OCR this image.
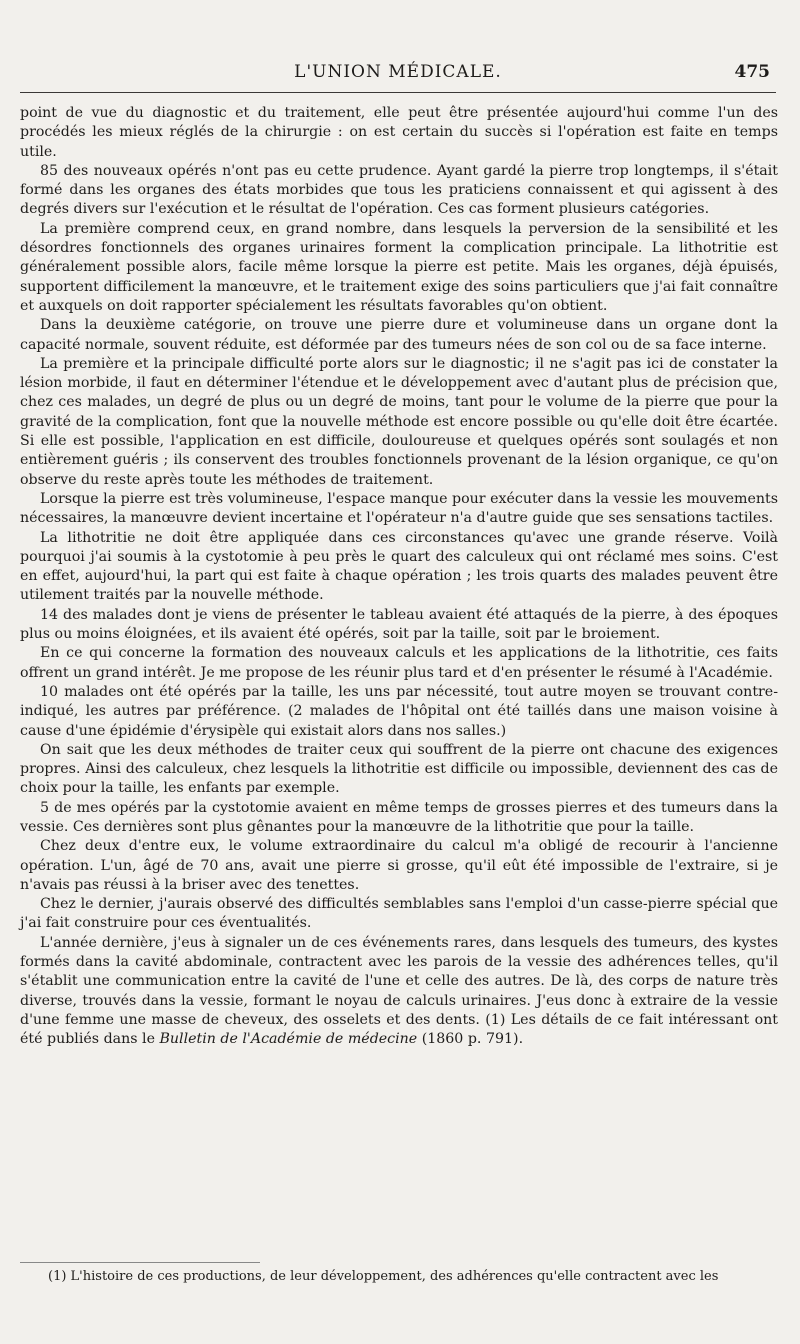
L'UNION MÉDICALE.	475

point de vue du diagnostic et du traitement, elle peut être présentée aujourd'hui comme l'un des procédés les mieux réglés de la chirurgie : on est certain du succès si l'opération est faite en temps utile.

85 des nouveaux opérés n'ont pas eu cette prudence. Ayant gardé la pierre trop longtemps, il s'était formé dans les organes des états morbides que tous les praticiens connaissent et qui agissent à des degrés divers sur l'exécution et le résultat de l'opération. Ces cas forment plusieurs catégories.

La première comprend ceux, en grand nombre, dans lesquels la perversion de la sensibilité et les désordres fonctionnels des organes urinaires forment la complication principale. La lithotritie est généralement possible alors, facile même lorsque la pierre est petite. Mais les organes, déjà épuisés, supportent difficilement la manœuvre, et le traitement exige des soins particuliers que j'ai fait connaître et auxquels on doit rapporter spécialement les résultats favorables qu'on obtient.

Dans la deuxième catégorie, on trouve une pierre dure et volumineuse dans un organe dont la capacité normale, souvent réduite, est déformée par des tumeurs nées de son col ou de sa face interne.

La première et la principale difficulté porte alors sur le diagnostic; il ne s'agit pas ici de constater la lésion morbide, il faut en déterminer l'étendue et le développement avec d'autant plus de précision que, chez ces malades, un degré de plus ou un degré de moins, tant pour le volume de la pierre que pour la gravité de la complication, font que la nouvelle méthode est encore possible ou qu'elle doit être écartée. Si elle est possible, l'application en est difficile, douloureuse et quelques opérés sont soulagés et non entièrement guéris ; ils conservent des troubles fonctionnels provenant de la lésion organique, ce qu'on observe du reste après toute les méthodes de traitement.

Lorsque la pierre est très volumineuse, l'espace manque pour exécuter dans la vessie les mouvements nécessaires, la manœuvre devient incertaine et l'opérateur n'a d'autre guide que ses sensations tactiles.

La lithotritie ne doit être appliquée dans ces circonstances qu'avec une grande réserve. Voilà pourquoi j'ai soumis à la cystotomie à peu près le quart des calculeux qui ont réclamé mes soins. C'est en effet, aujourd'hui, la part qui est faite à chaque opération ; les trois quarts des malades peuvent être utilement traités par la nouvelle méthode.

14 des malades dont je viens de présenter le tableau avaient été attaqués de la pierre, à des époques plus ou moins éloignées, et ils avaient été opérés, soit par la taille, soit par le broiement.

En ce qui concerne la formation des nouveaux calculs et les applications de la lithotritie, ces faits offrent un grand intérêt. Je me propose de les réunir plus tard et d'en présenter le résumé à l'Académie.

10 malades ont été opérés par la taille, les uns par nécessité, tout autre moyen se trouvant contre-indiqué, les autres par préférence. (2 malades de l'hôpital ont été taillés dans une maison voisine à cause d'une épidémie d'érysipèle qui existait alors dans nos salles.)

On sait que les deux méthodes de traiter ceux qui souffrent de la pierre ont chacune des exigences propres. Ainsi des calculeux, chez lesquels la lithotritie est difficile ou impossible, deviennent des cas de choix pour la taille, les enfants par exemple.

5 de mes opérés par la cystotomie avaient en même temps de grosses pierres et des tumeurs dans la vessie. Ces dernières sont plus gênantes pour la manœuvre de la lithotritie que pour la taille.

Chez deux d'entre eux, le volume extraordinaire du calcul m'a obligé de recourir à l'ancienne opération. L'un, âgé de 70 ans, avait une pierre si grosse, qu'il eût été impossible de l'extraire, si je n'avais pas réussi à la briser avec des tenettes.

Chez le dernier, j'aurais observé des difficultés semblables sans l'emploi d'un casse-pierre spécial que j'ai fait construire pour ces éventualités.

L'année dernière, j'eus à signaler un de ces événements rares, dans lesquels des tumeurs, des kystes formés dans la cavité abdominale, contractent avec les parois de la vessie des adhérences telles, qu'il s'établit une communication entre la cavité de l'une et celle des autres. De là, des corps de nature très diverse, trouvés dans la vessie, formant le noyau de calculs urinaires. J'eus donc à extraire de la vessie d'une femme une masse de cheveux, des osselets et des dents. (1) Les détails de ce fait intéressant ont été publiés dans le Bulletin de l'Académie de médecine (1860 p. 791).

(1) L'histoire de ces productions, de leur développement, des adhérences qu'elle contractent avec les
